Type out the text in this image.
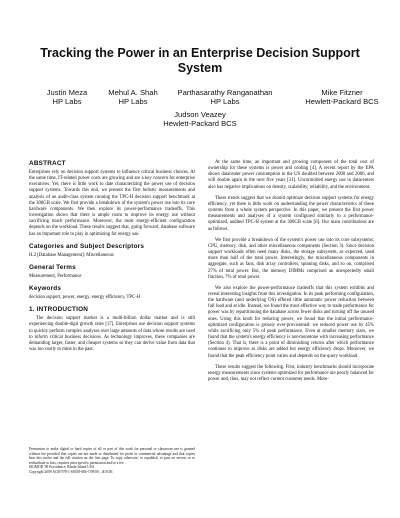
Tracking the Power in an Enterprise Decision Support System
Justin Meza
HP Labs
Mehul A. Shah
HP Labs
Parthasarathy Ranganathan
HP Labs
Mike Fitzner
Hewlett-Packard BCS
Judson Veazey
Hewlett-Packard BCS
ABSTRACT

Enterprises rely on decision support systems to influence critical business choices. At the same time, IT-related power costs are growing and are a key concern for enterprise executives. Yet, there is little work to date characterizing the power use of decision support systems. Towards this end, we present the first holistic measurements and analysis of an audit-class system running the TPC-H decision support benchmark at the 300GB scale. We first provide a breakdown of the system's power use into its core hardware components. We then explore its power-performance tradeoffs. This investigation shows that there is ample room to improve its energy use without sacrificing much performance. Moreover, the most energy-efficient configuration depends on the workload. These results suggest that, going forward, database software has an important role to play in optimizing for energy use.

Categories and Subject Descriptors

H.2 [Database Management]: Miscellaneous

General Terms

Measurement, Performance

Keywords

decision support, power, energy, energy efficiency, TPC-H

1. INTRODUCTION

The decision support market is a multi-billion dollar market and is still experiencing double-digit growth rates [17]. Enterprises use decision support systems to quickly perform complex analyses over large amounts of data whose results are used to inform critical business decisions. As technology improves, these companies are demanding larger, faster, and cheaper systems so they can derive value from data that was too costly to mine in the past.

Permission to make digital or hard copies of all or part of this work for personal or classroom use is granted without fee provided that copies are not made or distributed for profit or commercial advantage and that copies bear this notice and the full citation on the first page. To copy otherwise, to republish, to post on servers or to redistribute to lists, requires prior specific permission and/or a fee.
SIGMOD '09 Providence, Rhode Island USA
Copyright 2009 ACM 978-1-60558-684-7/09/06 ...$10.00.

At the same time, an important and growing component of the total cost of ownership for these systems is power and cooling [4]. A recent report by the EPA shows datacenter power consumption in the US doubled between 2000 and 2006, and will double again in the next five years [31]. Uncontrolled energy use in datacenters also has negative implications on density, scalability, reliability, and the environment.

These trends suggest that we should optimize decision support systems for energy efficiency, yet there is little work on understanding the power characteristics of these systems from a whole system perspective. In this paper, we present the first power measurements and analyses of a system configured similarly to a performance-optimized, audited TPC-H system at the 300GB scale [6]. Our main contributions are as follows.

We first provide a breakdown of the system's power use into its core subsystems: CPU, memory, disk, and other miscellaneous components (Section 3). Since decision support workloads often need many disks, the storage subsystem, as expected, used more than half of the total power. Interestingly, the miscellaneous components in aggregate, such as fans, disk array controllers, spinning disks, and so on, comprised 27% of total power. But, the memory DIMMs comprised an unexpectedly small fraction, 7% of total power.

We also explore the power-performance tradeoffs that this system exhibits and reveal interesting insights from this investigation. In its peak performing configuration, the hardware (and underlying OS) offered little automatic power reduction between full load and at idle. Instead, we found the most effective way to trade performance for power was by repartitioning the database across fewer disks and turning off the unused ones. Using this knob for reducing power, we found that the initial performance-optimized configuration is grossly over-provisioned: we reduced power use by 45% while sacrificing only 5% of peak performance. Even at smaller memory sizes, we found that the system's energy efficiency is not-monotone with increasing performance (Section 4). That is, there is a point of diminishing returns after which performance continues to improve as disks are added but energy efficiency drops. Moreover, we found that the peak efficiency point varies and depends on the query workload.

These results suggest the following. First, industry benchmarks should incorporate energy measurements since systems optimized for performance are poorly balanced for power and, thus, may not reflect current customer needs. More-
